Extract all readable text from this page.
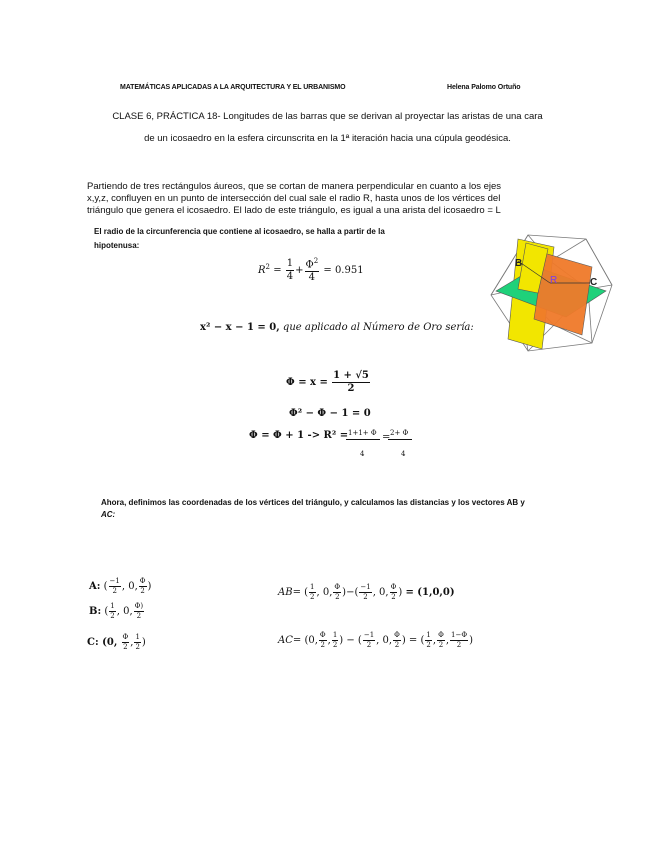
MATEMÁTICAS APLICADAS A LA ARQUITECTURA Y EL URBANISMO	Helena Palomo Ortuño
CLASE 6, PRÁCTICA 18- Longitudes de las barras que se derivan al proyectar las aristas de una cara
de un icosaedro en la esfera circunscrita en la 1ª iteración hacia una cúpula geodésica.
Partiendo de tres rectángulos áureos, que se cortan de manera perpendicular en cuanto a los ejes
x,y,z, confluyen en un punto de intersección del cual sale el radio R, hasta unos de los vértices del
triángulo que genera el icosaedro. El lado de este triángulo, es igual a una arista del icosaedro = L
El radio de la circunferencia que contiene al icosaedro, se halla a partir de la
hipotenusa:
$R^2 = \frac{1}{4} + \frac{\Phi^2}{4} = 0.951$
x² − x − 1 = 0, que aplicado al Número de Oro sería:
$\Phi = x = \frac{1 + √5}{2}$
Φ² − Φ − 1 = 0
Φ = Φ + 1 -> R² = 1+1+ Φ
4
= 2+ Φ
4
Ahora, definimos las coordenadas de los vértices del triángulo, y calculamos las distancias y los vectores AB y
AC:
A: ( $\frac{-1}{2}$ , 0, $\frac{\Phi}{2}$ )
B: ( $\frac{1}{2}$ , 0, $\frac{\Phi)}{2}$
C: (0, $\frac{\Phi}{2}$ , $\frac{1}{2}$ )
AB= ( $\frac{1}{2}$ , 0, $\frac{\Phi}{2}$ )−( $\frac{-1}{2}$ , 0, $\frac{\Phi}{2}$ ) = (1,0,0)
AC= (0, $\frac{\Phi}{2}$ , $\frac{1}{2}$ ) − ( $\frac{-1}{2}$ , 0, $\frac{\Phi}{2}$ ) = ( $\frac{1}{2}$ , $\frac{\Phi}{2}$ , $\frac{1-\Phi}{2}$ )
B
R	C
